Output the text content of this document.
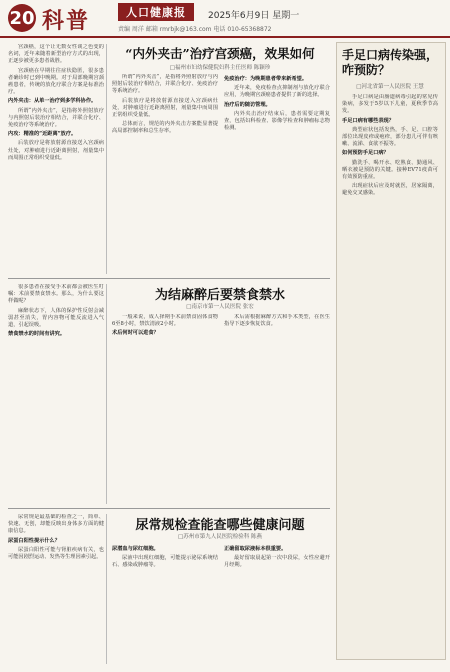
20 科普	人口健康报	2025年6月9日 星期一
责编 周洋 邮箱 rmrbjk@163.com 电话 010-65368872
“内外夹击”治疗宫颈癌，效果如何
□福州市妇幼保健院妇科主任医师 陈颖珍

宫颈癌，这个让无数女性谈之色变的名词，近年来随着新型治疗方式的出现，正逐步被更多患者战胜。

宫颈癌在早期往往症状隐匿，很多患者确诊时已到中晚期。对于局部晚期宫颈癌患者，传统的放化疗联合方案是标准治疗。

内外夹击：从单一治疗到多学科协作。

所谓“内外夹击”，是指将外照射放疗与内照射后装治疗相结合，并联合化疗、免疫治疗等系统治疗。

内攻：精准的“近距离”放疗。

后装放疗是将放射源直接送入宫颈病灶处，对肿瘤进行近距离照射，剂量集中而周围正常组织受量低。

所谓“内外夹击”，是指将外照射放疗与内照射后装治疗相结合，并联合化疗、免疫治疗等系统治疗。

后装放疗是将放射源直接送入宫颈病灶处，对肿瘤进行近距离照射，剂量集中而周围正常组织受量低。

总体而言，规范的内外夹击方案能显著提高局部控制率和总生存率。

免疫治疗：为晚期患者带来新希望。

近年来，免疫检查点抑制剂与放化疗联合应用，为晚期宫颈癌患者提供了新的选择。

治疗后的随访管理。

内外夹击治疗结束后，患者需要定期复查，包括妇科检查、影像学检查和肿瘤标志物检测。

手足口病传染强，咋预防？
□河北省第一人民医院 王慧

手足口病是由肠道病毒引起的常见传染病，多发于5岁以下儿童，夏秋季节高发。

手足口病有哪些表现？

典型症状包括发热，手、足、口腔等部位出现皮疹或疱疹，部分患儿可伴有咳嗽、流涕、食欲不振等。

如何预防手足口病？

勤洗手、喝开水、吃熟食、勤通风、晒衣被是预防的关键。接种EV71疫苗可有效预防重症。

出现症状后应及时就医，居家隔离，避免交叉感染。

为结麻醉后要禁食禁水
□南京市第一人民医院 张宏

很多患者在接受手术前都会被医生叮嘱：术前要禁食禁水。那么，为什么要这样做呢？

麻醉状态下，人体的保护性反射会减弱甚至消失，胃内容物可能反流进入气道，引起误吸。

禁食禁水的时间有讲究。

一般来说，成人择期手术前禁食固体食物6至8小时，禁饮清液2小时。

术后何时可以进食？

术后需根据麻醉方式和手术类型，在医生指导下逐步恢复饮食。

尿常规检查能查哪些健康问题
□苏州市第九人民医院检验科 陈燕

尿常规是最基础的检查之一，简单、快速、无创，却能反映出身体多方面的健康信息。

尿蛋白阳性提示什么？

尿蛋白阳性可能与肾脏疾病有关，也可能因剧烈运动、发热等生理因素引起。

尿潜血与尿红细胞。

尿液中出现红细胞，可能提示泌尿系统结石、感染或肿瘤等。

正确留取尿液标本很重要。

最好留取晨起第一次中段尿，女性应避开月经期。
